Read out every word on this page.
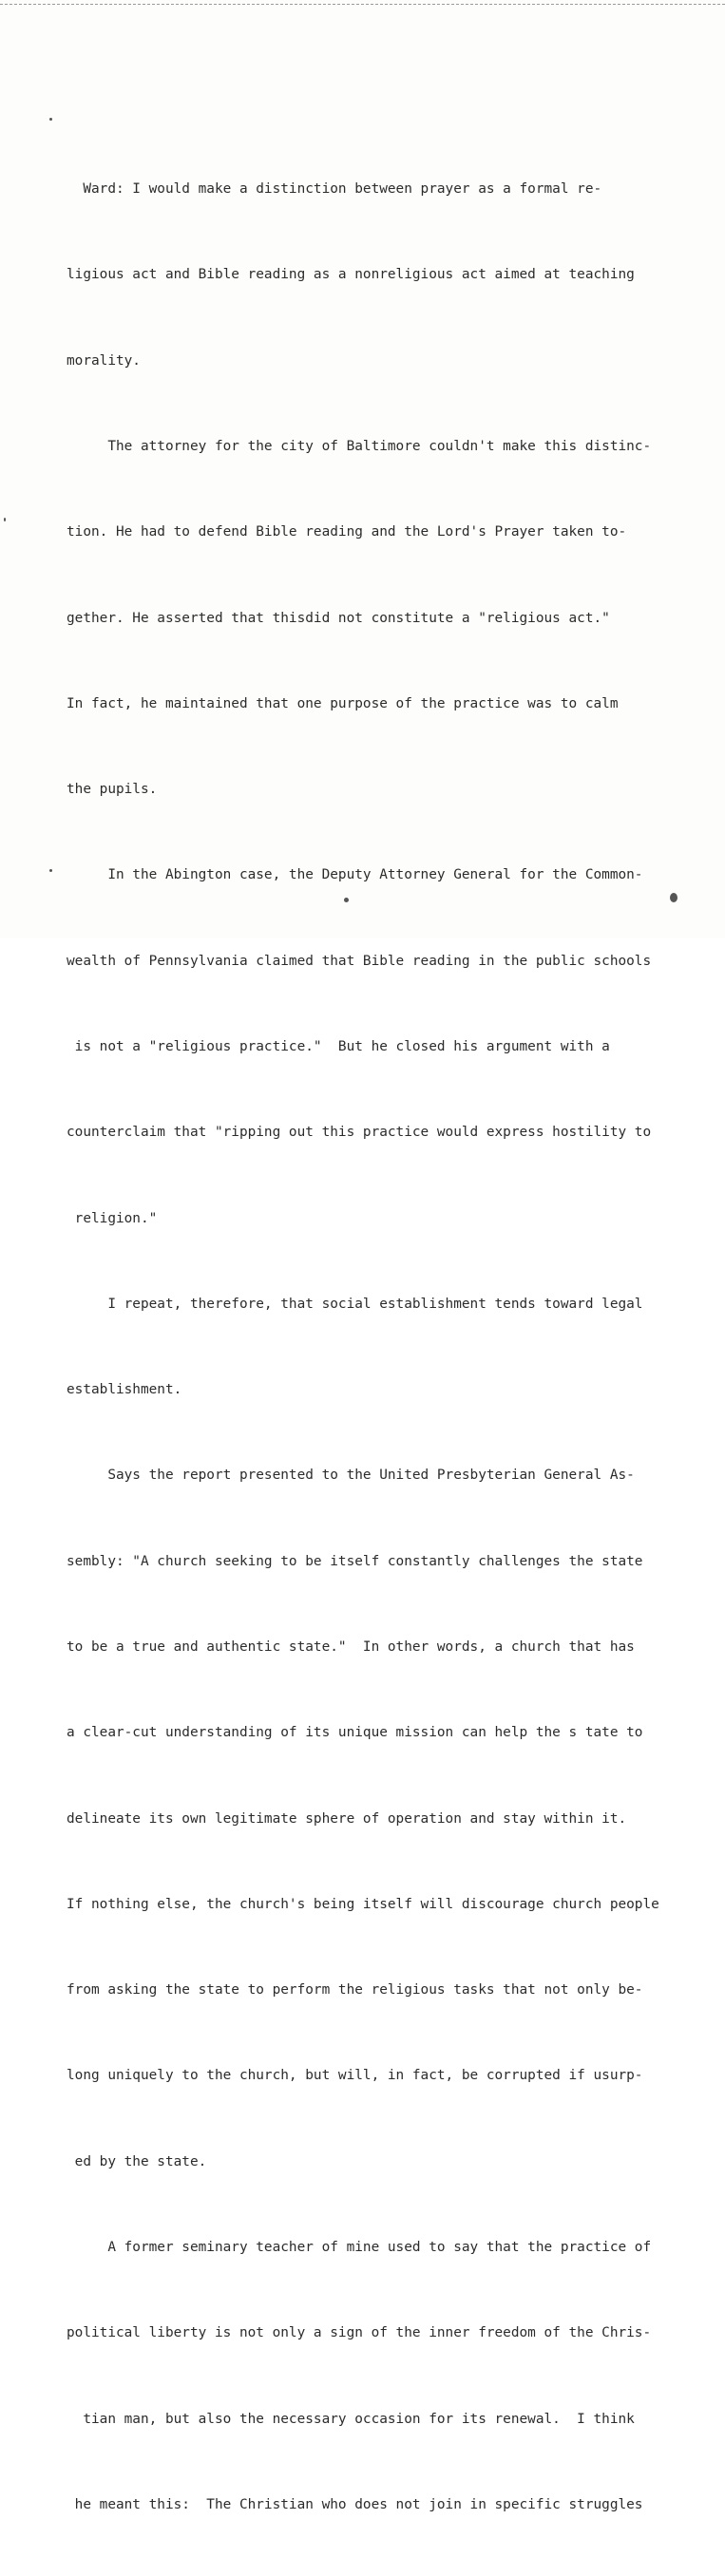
Ward: I would make a distinction between prayer as a formal re-

ligious act and Bible reading as a nonreligious act aimed at teaching

morality.

The attorney for the city of Baltimore couldn't make this distinc-

tion. He had to defend Bible reading and the Lord's Prayer taken to-

gether. He asserted that thisdid not constitute a "religious act."

In fact, he maintained that one purpose of the practice was to calm

the pupils.

In the Abington case, the Deputy Attorney General for the Common-

wealth of Pennsylvania claimed that Bible reading in the public schools

is not a "religious practice."  But he closed his argument with a

counterclaim that "ripping out this practice would express hostility to

religion."

I repeat, therefore, that social establishment tends toward legal

establishment.

Says the report presented to the United Presbyterian General As-

sembly: "A church seeking to be itself constantly challenges the state

to be a true and authentic state."  In other words, a church that has

a clear-cut understanding of its unique mission can help the s tate to

delineate its own legitimate sphere of operation and stay within it.

If nothing else, the church's being itself will discourage church people

from asking the state to perform the religious tasks that not only be-

long uniquely to the church, but will, in fact, be corrupted if usurp-

ed by the state.

A former seminary teacher of mine used to say that the practice of

political liberty is not only a sign of the inner freedom of the Chris-

tian man, but also the necessary occasion for its renewal.  I think

he meant this:  The Christian who does not join in specific struggles
